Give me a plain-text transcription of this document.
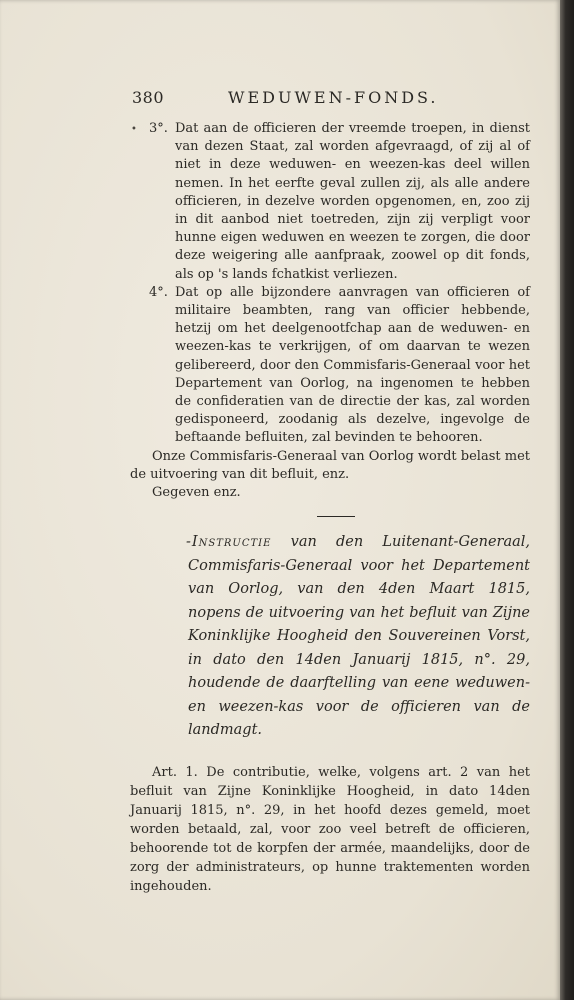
380	WEDUWEN-FONDS.
• 3°. Dat aan de officieren der vreemde troepen, in dienst van dezen Staat, zal worden afgevraagd, of zij al of niet in deze weduwen- en weezen-kas deel willen nemen. In het eerfte geval zullen zij, als alle andere officieren, in dezelve worden opgenomen, en, zoo zij in dit aanbod niet toetreden, zijn zij verpligt voor hunne eigen weduwen en weezen te zorgen, die door deze weigering alle aanfpraak, zoowel op dit fonds, als op 's lands fchatkist verliezen.
4°. Dat op alle bijzondere aanvragen van officieren of militaire beambten, rang van officier hebbende, hetzij om het deelgenootfchap aan de weduwen- en weezen-kas te verkrijgen, of om daarvan te wezen gelibereerd, door den Commisfaris-Generaal voor het Departement van Oorlog, na ingenomen te hebben de confideratien van de directie der kas, zal worden gedisponeerd, zoodanig als dezelve, ingevolge de beftaande befluiten, zal bevinden te behooren.

Onze Commisfaris-Generaal van Oorlog wordt belast met de uitvoering van dit befluit, enz.

Gegeven enz.

-Instructie van den Luitenant-Generaal, Commisfaris-Generaal voor het Departement van Oorlog, van den 4den Maart 1815, nopens de uitvoering van het befluit van Zijne Koninklijke Hoogheid den Souvereinen Vorst, in dato den 14den Januarij 1815, n°. 29, houdende de daarftelling van eene weduwen- en weezen-kas voor de officieren van de landmagt.

Art. 1. De contributie, welke, volgens art. 2 van het befluit van Zijne Koninklijke Hoogheid, in dato 14den Januarij 1815, n°. 29, in het hoofd dezes gemeld, moet worden betaald, zal, voor zoo veel betreft de officieren, behoorende tot de korpfen der armée, maandelijks, door de zorg der administrateurs, op hunne traktementen worden ingehouden.
